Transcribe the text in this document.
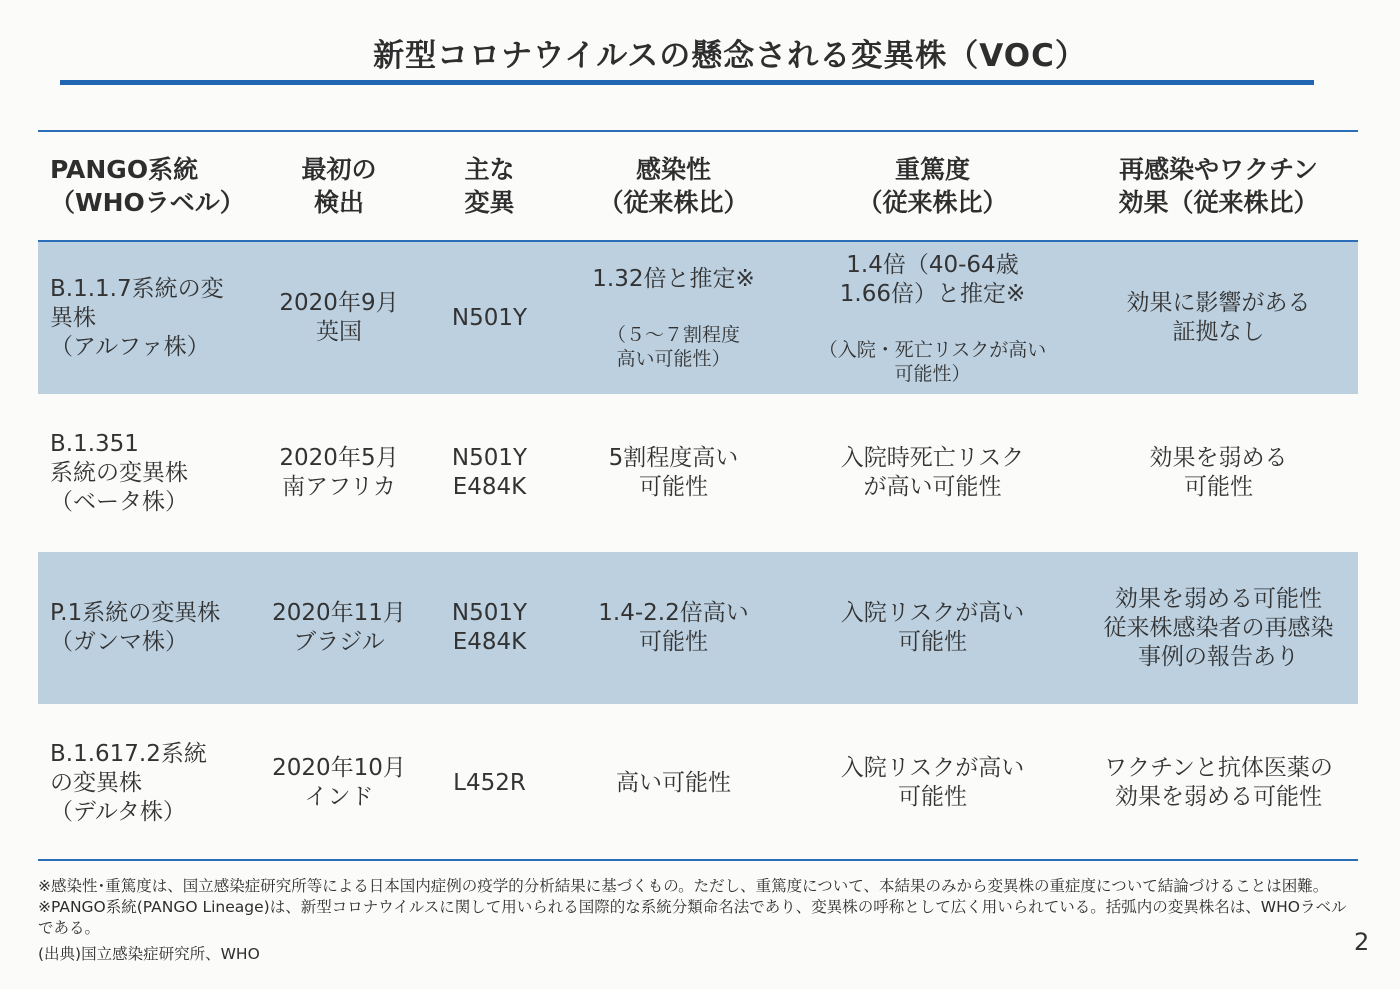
新型コロナウイルスの懸念される変異株（VOC）
PANGO系統
（WHOラベル）
最初の
検出
主な
変異
感染性
（従来株比）
重篤度
（従来株比）
再感染やワクチン
効果（従来株比）
B.1.1.7系統の変
異株
（アルファ株）
2020年9月
英国
N501Y

1.32倍と推定※

（５～７割程度
高い可能性）

1.4倍（40-64歳
1.66倍）と推定※

（入院・死亡リスクが高い
可能性）

効果に影響がある
証拠なし
B.1.351
系統の変異株
（ベータ株）
2020年5月
南アフリカ
N501Y
E484K
5割程度高い
可能性
入院時死亡リスク
が高い可能性
効果を弱める
可能性
P.1系統の変異株
（ガンマ株）
2020年11月
ブラジル
N501Y
E484K
1.4-2.2倍高い
可能性
入院リスクが高い
可能性
効果を弱める可能性
従来株感染者の再感染
事例の報告あり
B.1.617.2系統
の変異株
（デルタ株）
2020年10月
インド
L452R	高い可能性
入院リスクが高い
可能性
ワクチンと抗体医薬の
効果を弱める可能性

※感染性･重篤度は、国立感染症研究所等による日本国内症例の疫学的分析結果に基づくもの。ただし、重篤度について、本結果のみから変異株の重症度について結論づけることは困難。

※PANGO系統(PANGO Lineage)は、新型コロナウイルスに関して用いられる国際的な系統分類命名法であり、変異株の呼称として広く用いられている。括弧内の変異株名は、WHOラベルである。

(出典)国立感染症研究所、WHO	2
